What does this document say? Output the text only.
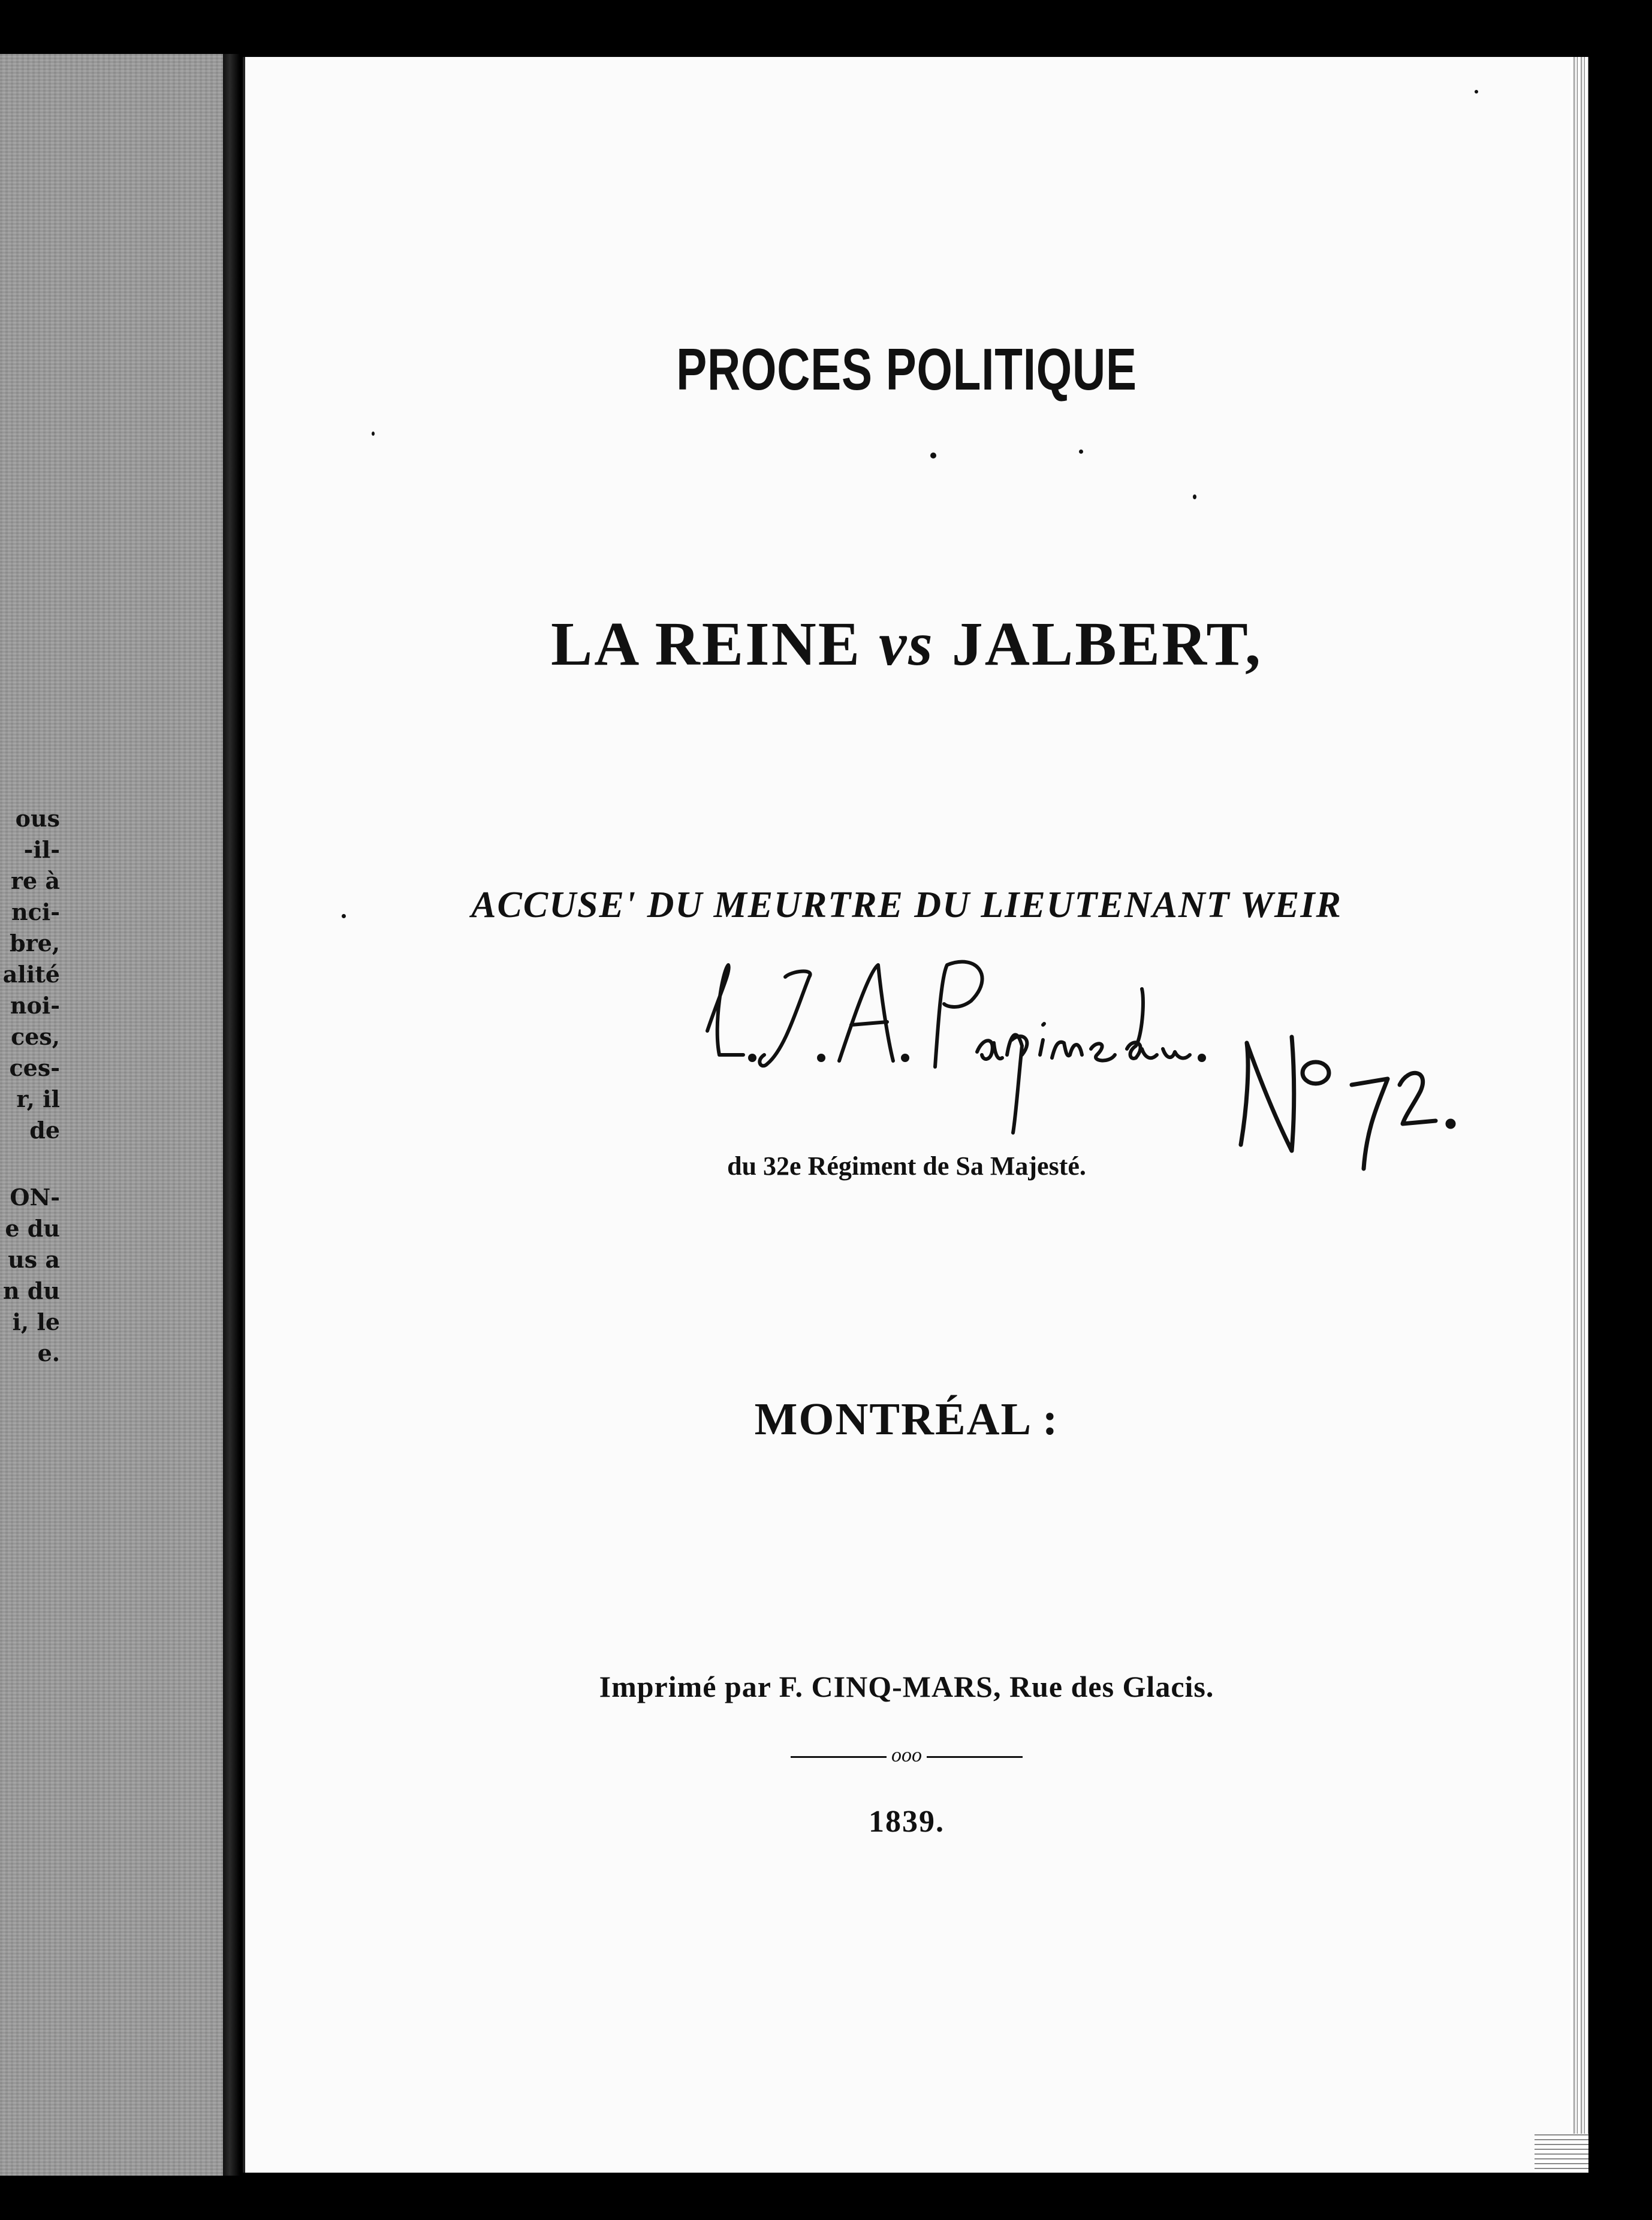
ous
-il-
re à
nci-
bre,
alité
noi-
ces,
ces-
r, il
de
ON-
e du
us a
n du
i, le
e.
PROCES POLITIQUE
LA REINE vs JALBERT,
ACCUSE' DU MEURTRE DU LIEUTENANT WEIR
du 32e Régiment de Sa Majesté.
MONTRÉAL :
Imprimé par F. CINQ-MARS, Rue des Glacis.
ooo
1839.
